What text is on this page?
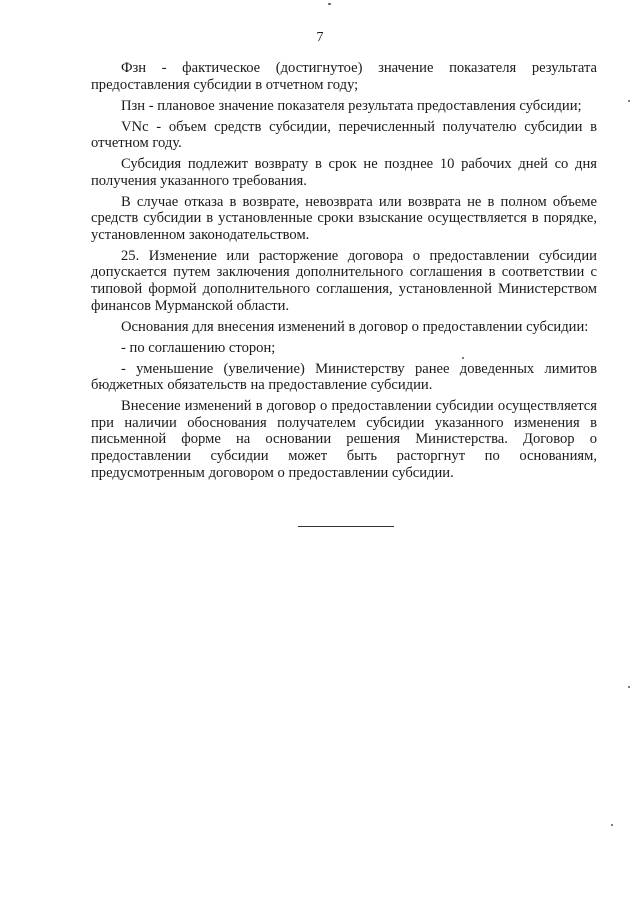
7

Фзн - фактическое (достигнутое) значение показателя результата предоставления субсидии в отчетном году;

Пзн - плановое значение показателя результата предоставления субсидии;

VNc - объем средств субсидии, перечисленный получателю субсидии в отчетном году.

Субсидия подлежит возврату в срок не позднее 10 рабочих дней со дня получения указанного требования.

В случае отказа в возврате, невозврата или возврата не в полном объеме средств субсидии в установленные сроки взыскание осуществляется в порядке, установленном законодательством.

25. Изменение или расторжение договора о предоставлении субсидии допускается путем заключения дополнительного соглашения в соответствии с типовой формой дополнительного соглашения, установленной Министерством финансов Мурманской области.

Основания для внесения изменений в договор о предоставлении субсидии:

- по соглашению сторон;

- уменьшение (увеличение) Министерству ранее доведенных лимитов бюджетных обязательств на предоставление субсидии.

Внесение изменений в договор о предоставлении субсидии осуществляется при наличии обоснования получателем субсидии указанного изменения в письменной форме на основании решения Министерства. Договор о предоставлении субсидии может быть расторгнут по основаниям, предусмотренным договором о предоставлении субсидии.
